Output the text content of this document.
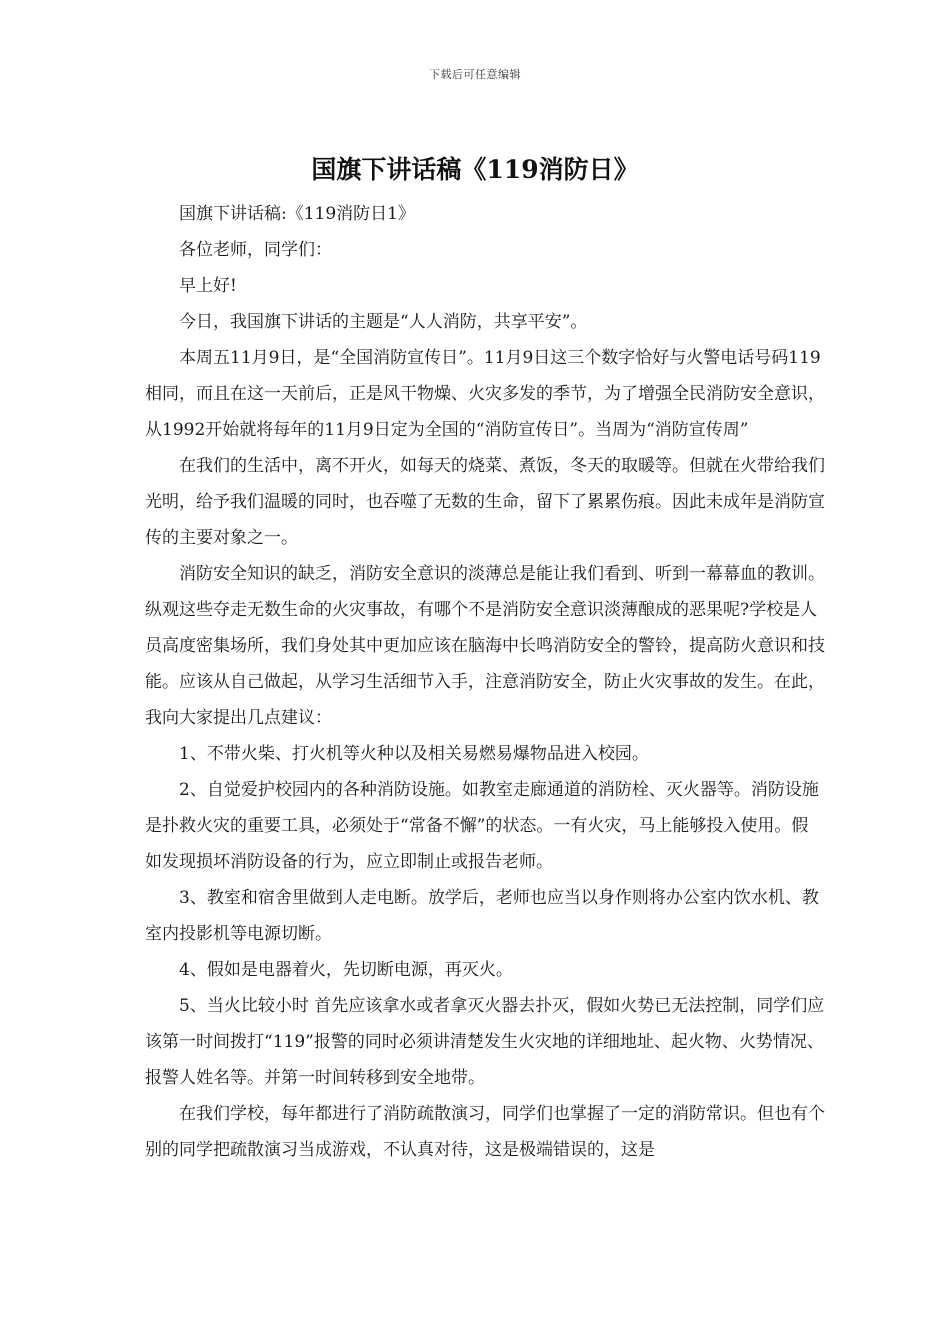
下载后可任意编辑
国旗下讲话稿《119消防日》

国旗下讲话稿:《119消防日1》

各位老师，同学们：

早上好!

今日，我国旗下讲话的主题是“人人消防，共享平安”。

本周五11月9日，是“全国消防宣传日”。11月9日这三个数字恰好与火警电话号码119相同，而且在这一天前后，正是风干物燥、火灾多发的季节，为了增强全民消防安全意识，从1992开始就将每年的11月9日定为全国的“消防宣传日”。当周为“消防宣传周”

在我们的生活中，离不开火，如每天的烧菜、煮饭，冬天的取暖等。但就在火带给我们光明，给予我们温暖的同时，也吞噬了无数的生命，留下了累累伤痕。因此未成年是消防宣传的主要对象之一。

消防安全知识的缺乏，消防安全意识的淡薄总是能让我们看到、听到一幕幕血的教训。纵观这些夺走无数生命的火灾事故，有哪个不是消防安全意识淡薄酿成的恶果呢?学校是人员高度密集场所，我们身处其中更加应该在脑海中长鸣消防安全的警铃，提高防火意识和技能。应该从自己做起，从学习生活细节入手，注意消防安全，防止火灾事故的发生。在此，我向大家提出几点建议：

1、不带火柴、打火机等火种以及相关易燃易爆物品进入校园。

2、自觉爱护校园内的各种消防设施。如教室走廊通道的消防栓、灭火器等。消防设施是扑救火灾的重要工具，必须处于“常备不懈”的状态。一有火灾，马上能够投入使用。假如发现损坏消防设备的行为，应立即制止或报告老师。

3、教室和宿舍里做到人走电断。放学后，老师也应当以身作则将办公室内饮水机、教室内投影机等电源切断。

4、假如是电器着火，先切断电源，再灭火。

5、当火比较小时 首先应该拿水或者拿灭火器去扑灭，假如火势已无法控制，同学们应该第一时间拨打“119”报警的同时必须讲清楚发生火灾地的详细地址、起火物、火势情况、报警人姓名等。并第一时间转移到安全地带。

在我们学校，每年都进行了消防疏散演习，同学们也掌握了一定的消防常识。但也有个别的同学把疏散演习当成游戏，不认真对待，这是极端错误的，这是
